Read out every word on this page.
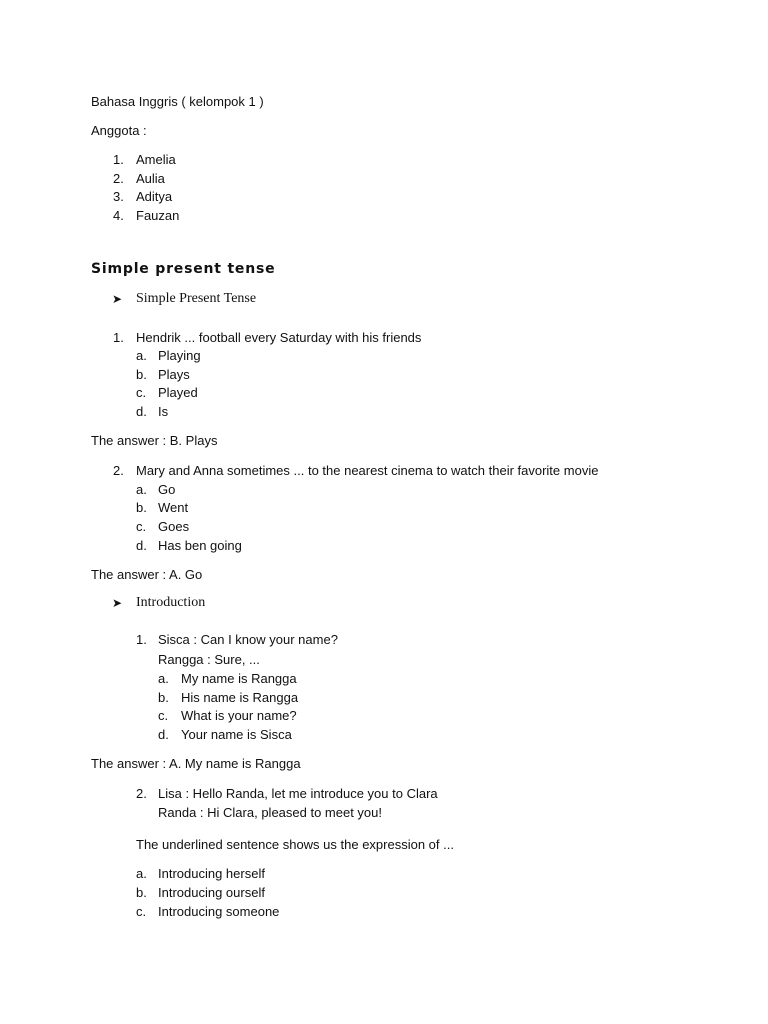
Bahasa Inggris ( kelompok 1 )
Anggota :
1. Amelia
2. Aulia
3. Aditya
4. Fauzan
Simple present tense
➤ Simple Present Tense
1. Hendrik ... football every Saturday with his friends
a. Playing
b. Plays
c. Played
d. Is
The answer : B. Plays
2. Mary and Anna sometimes ... to the nearest cinema to watch their favorite movie
a. Go
b. Went
c. Goes
d. Has ben going
The answer : A. Go
➤ Introduction
1. Sisca : Can I know your name?
Rangga : Sure, ...
a. My name is Rangga
b. His name is Rangga
c. What is your name?
d. Your name is Sisca
The answer : A. My name is Rangga
2. Lisa : Hello Randa, let me introduce you to Clara
Randa : Hi Clara, pleased to meet you!
The underlined sentence shows us the expression of ...
a. Introducing herself
b. Introducing ourself
c. Introducing someone
